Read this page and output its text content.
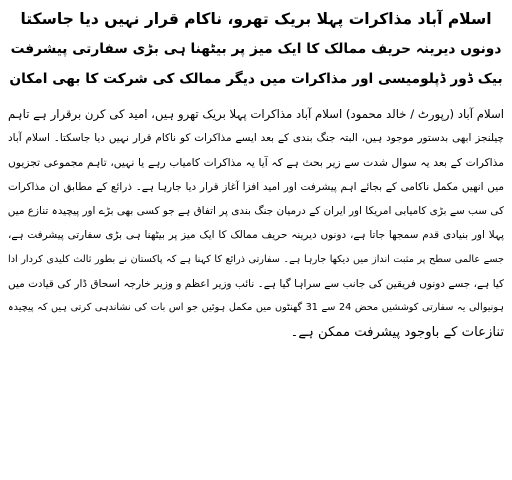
اسلام آباد مذاکرات پہلا بریک تھرو، ناکام قرار نہیں دیا جاسکتا

دونوں دیرینہ حریف ممالک کا ایک میز پر بیٹھنا ہی بڑی سفارتی پیشرفت

بیک ڈور ڈپلومیسی اور مذاکرات میں دیگر ممالک کی شرکت کا بھی امکان

اسلام آباد (رپورٹ / خالد محمود) اسلام آباد مذاکرات پہلا بریک تھرو ہیں، امید کی کرن برقرار ہے تاہم

چیلنجز ابھی بدستور موجود ہیں، البتہ جنگ بندی کے بعد ایسے مذاکرات کو ناکام قرار نہیں دیا جاسکتا۔ اسلام آباد

مذاکرات کے بعد یہ سوال شدت سے زیر بحث ہے کہ آیا یہ مذاکرات کامیاب رہے یا نہیں، تاہم مجموعی تجزیوں

میں انھیں مکمل ناکامی کے بجائے اہم پیشرفت اور امید افزا آغاز قرار دیا جارہا ہے۔ ذرائع کے مطابق ان مذاکرات

کی سب سے بڑی کامیابی امریکا اور ایران کے درمیان جنگ بندی پر اتفاق ہے جو کسی بھی بڑے اور پیچیدہ تنازع میں

پہلا اور بنیادی قدم سمجھا جاتا ہے، دونوں دیرینہ حریف ممالک کا ایک میز پر بیٹھنا ہی بڑی سفارتی پیشرفت ہے،

جسے عالمی سطح پر مثبت انداز میں دیکھا جارہا ہے۔ سفارتی ذرائع کا کہنا ہے کہ پاکستان نے بطور ثالث کلیدی کردار ادا

کیا ہے، جسے دونوں فریقین کی جانب سے سراہا گیا ہے۔ نائب وزیر اعظم و وزیر خارجہ اسحاق ڈار کی قیادت میں

ہونیوالی یہ سفارتی کوششیں محض 24 سے 31 گھنٹوں میں مکمل ہوئیں جو اس بات کی نشاندہی کرتی ہیں کہ پیچیدہ

تنازعات کے باوجود پیشرفت ممکن ہے۔
